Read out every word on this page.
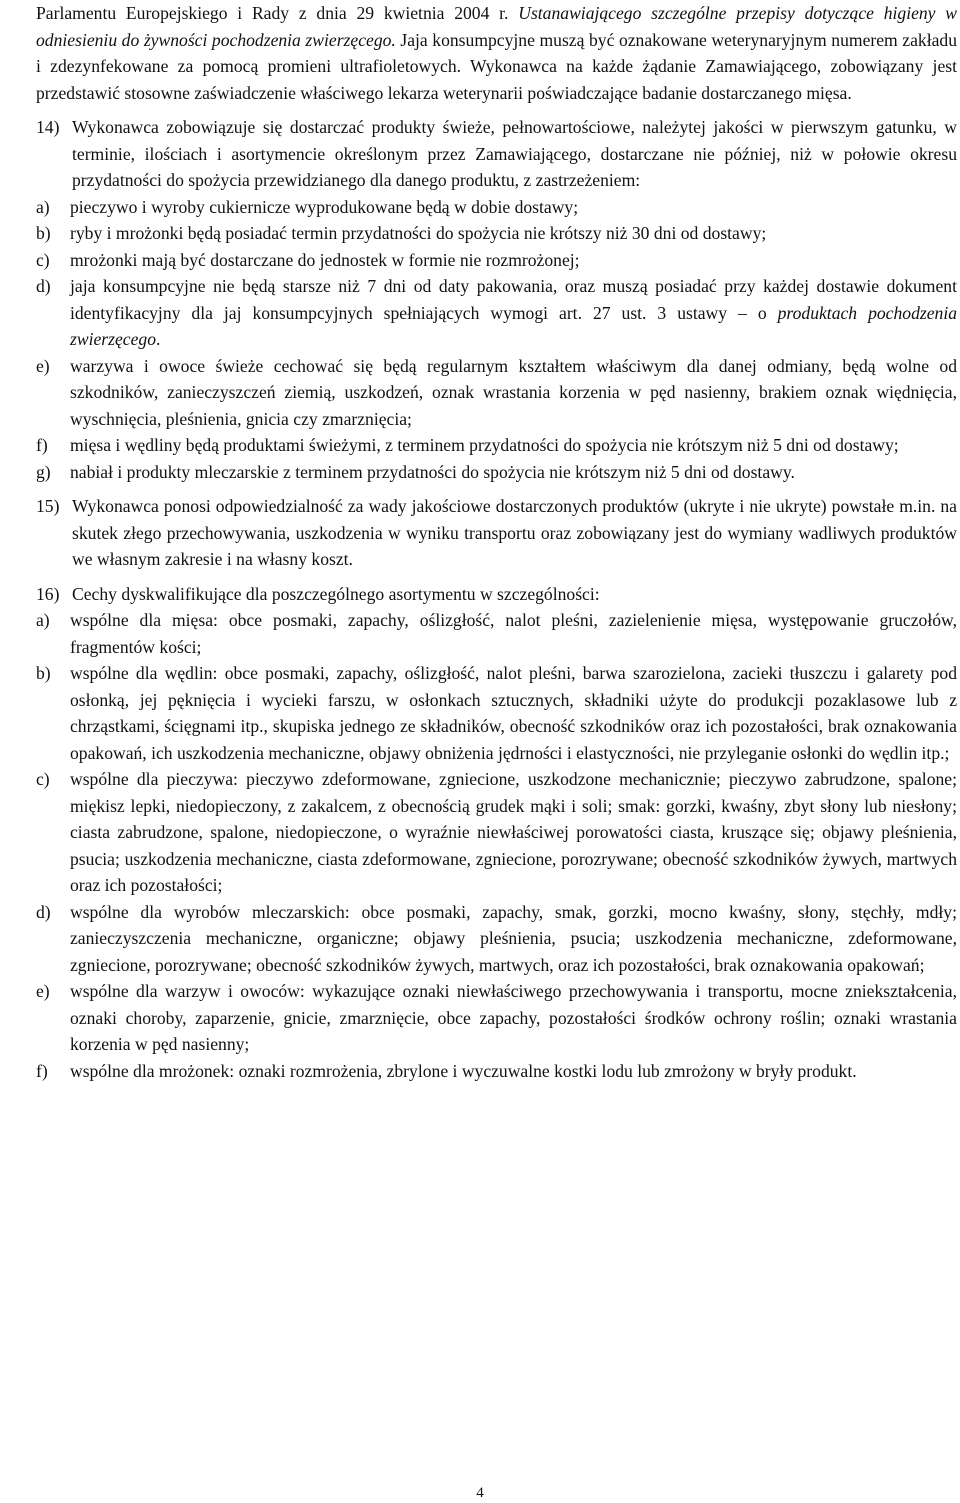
Parlamentu Europejskiego i Rady z dnia 29 kwietnia 2004 r. Ustanawiającego szczególne przepisy dotyczące higieny w odniesieniu do żywności pochodzenia zwierzęcego. Jaja konsumpcyjne muszą być oznakowane weterynaryjnym numerem zakładu i zdezynfekowane za pomocą promieni ultrafioletowych. Wykonawca na każde żądanie Zamawiającego, zobowiązany jest przedstawić stosowne zaświadczenie właściwego lekarza weterynarii poświadczające badanie dostarczanego mięsa.

14) Wykonawca zobowiązuje się dostarczać produkty świeże, pełnowartościowe, należytej jakości w pierwszym gatunku, w terminie, ilościach i asortymencie określonym przez Zamawiającego, dostarczane nie później, niż w połowie okresu przydatności do spożycia przewidzianego dla danego produktu, z zastrzeżeniem:
a)	pieczywo i wyroby cukiernicze wyprodukowane będą w dobie dostawy;
b)	ryby i mrożonki będą posiadać termin przydatności do spożycia nie krótszy niż 30 dni od dostawy;
c)	mrożonki mają być dostarczane do jednostek w formie nie rozmrożonej;
d)	jaja konsumpcyjne nie będą starsze niż 7 dni od daty pakowania, oraz muszą posiadać przy każdej dostawie dokument identyfikacyjny dla jaj konsumpcyjnych spełniających wymogi art. 27 ust. 3 ustawy – o produktach pochodzenia zwierzęcego.
e)	warzywa i owoce świeże cechować się będą regularnym kształtem właściwym dla danej odmiany, będą wolne od szkodników, zanieczyszczeń ziemią, uszkodzeń, oznak wrastania korzenia w pęd nasienny, brakiem oznak więdnięcia, wyschnięcia, pleśnienia, gnicia czy zmarznięcia;
f)	mięsa i wędliny będą produktami świeżymi, z terminem przydatności do spożycia nie krótszym niż 5 dni od dostawy;
g)	nabiał i produkty mleczarskie z terminem przydatności do spożycia nie krótszym niż 5 dni od dostawy.
15) Wykonawca ponosi odpowiedzialność za wady jakościowe dostarczonych produktów (ukryte i nie ukryte) powstałe m.in. na skutek złego przechowywania, uszkodzenia w wyniku transportu oraz zobowiązany jest do wymiany wadliwych produktów we własnym zakresie i na własny koszt.
16) Cechy dyskwalifikujące dla poszczególnego asortymentu w szczególności:
a)	wspólne dla mięsa: obce posmaki, zapachy, oślizgłość, nalot pleśni, zazielenienie mięsa, występowanie gruczołów, fragmentów kości;
b)	wspólne dla wędlin: obce posmaki, zapachy, oślizgłość, nalot pleśni, barwa szarozielona, zacieki tłuszczu i galarety pod osłonką, jej pęknięcia i wycieki farszu, w osłonkach sztucznych, składniki użyte do produkcji pozaklasowe lub z chrząstkami, ścięgnami itp., skupiska jednego ze składników, obecność szkodników oraz ich pozostałości, brak oznakowania opakowań, ich uszkodzenia mechaniczne, objawy obniżenia jędrności i elastyczności, nie przyleganie osłonki do wędlin itp.;
c)	wspólne dla pieczywa: pieczywo zdeformowane, zgniecione, uszkodzone mechanicznie; pieczywo zabrudzone, spalone; miękisz lepki, niedopieczony, z zakalcem, z obecnością grudek mąki i soli; smak: gorzki, kwaśny, zbyt słony lub niesłony; ciasta zabrudzone, spalone, niedopieczone, o wyraźnie niewłaściwej porowatości ciasta, kruszące się; objawy pleśnienia, psucia; uszkodzenia mechaniczne, ciasta zdeformowane, zgniecione, porozrywane; obecność szkodników żywych, martwych oraz ich pozostałości;
d)	wspólne dla wyrobów mleczarskich: obce posmaki, zapachy, smak, gorzki, mocno kwaśny, słony, stęchły, mdły; zanieczyszczenia mechaniczne, organiczne; objawy pleśnienia, psucia; uszkodzenia mechaniczne, zdeformowane, zgniecione, porozrywane; obecność szkodników żywych, martwych, oraz ich pozostałości, brak oznakowania opakowań;
e)	wspólne dla warzyw i owoców: wykazujące oznaki niewłaściwego przechowywania i transportu, mocne zniekształcenia, oznaki choroby, zaparzenie, gnicie, zmarznięcie, obce zapachy, pozostałości środków ochrony roślin; oznaki wrastania korzenia w pęd nasienny;
f)	wspólne dla mrożonek: oznaki rozmrożenia, zbrylone i wyczuwalne kostki lodu lub zmrożony w bryły produkt.
4
